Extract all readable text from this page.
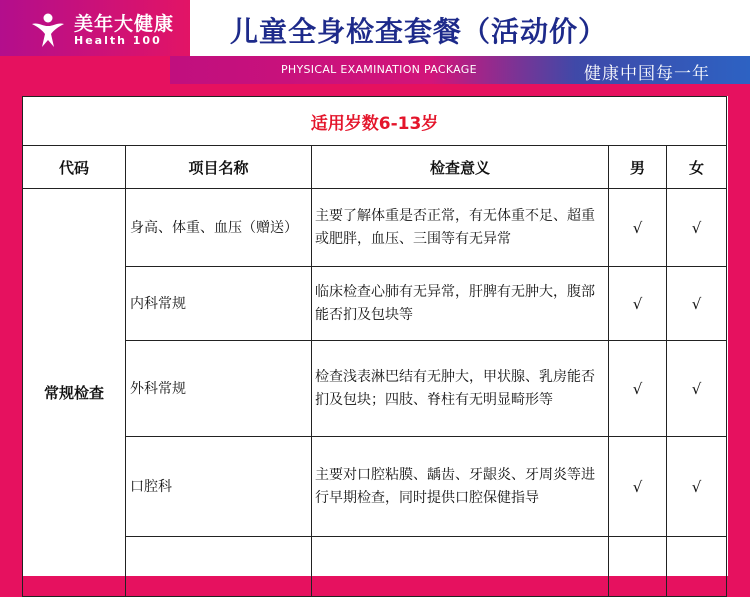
美年大健康
Health 100 儿童全身检查套餐（活动价）
PHYSICAL EXAMINATION PACKAGE	健康中国每一年
适用岁数6-13岁				
代码	项目名称	检查意义	男	女
常规检查	身高、体重、血压（赠送）	主要了解体重是否正常，有无体重不足、超重或肥胖，血压、三围等有无异常	√	√
	内科常规	临床检查心肺有无异常，肝脾有无肿大，腹部能否扪及包块等	√	√
	外科常规	检查浅表淋巴结有无肿大，甲状腺、乳房能否扪及包块；四肢、脊柱有无明显畸形等	√	√
	口腔科	主要对口腔粘膜、龋齿、牙龈炎、牙周炎等进行早期检查，同时提供口腔保健指导	√	√
